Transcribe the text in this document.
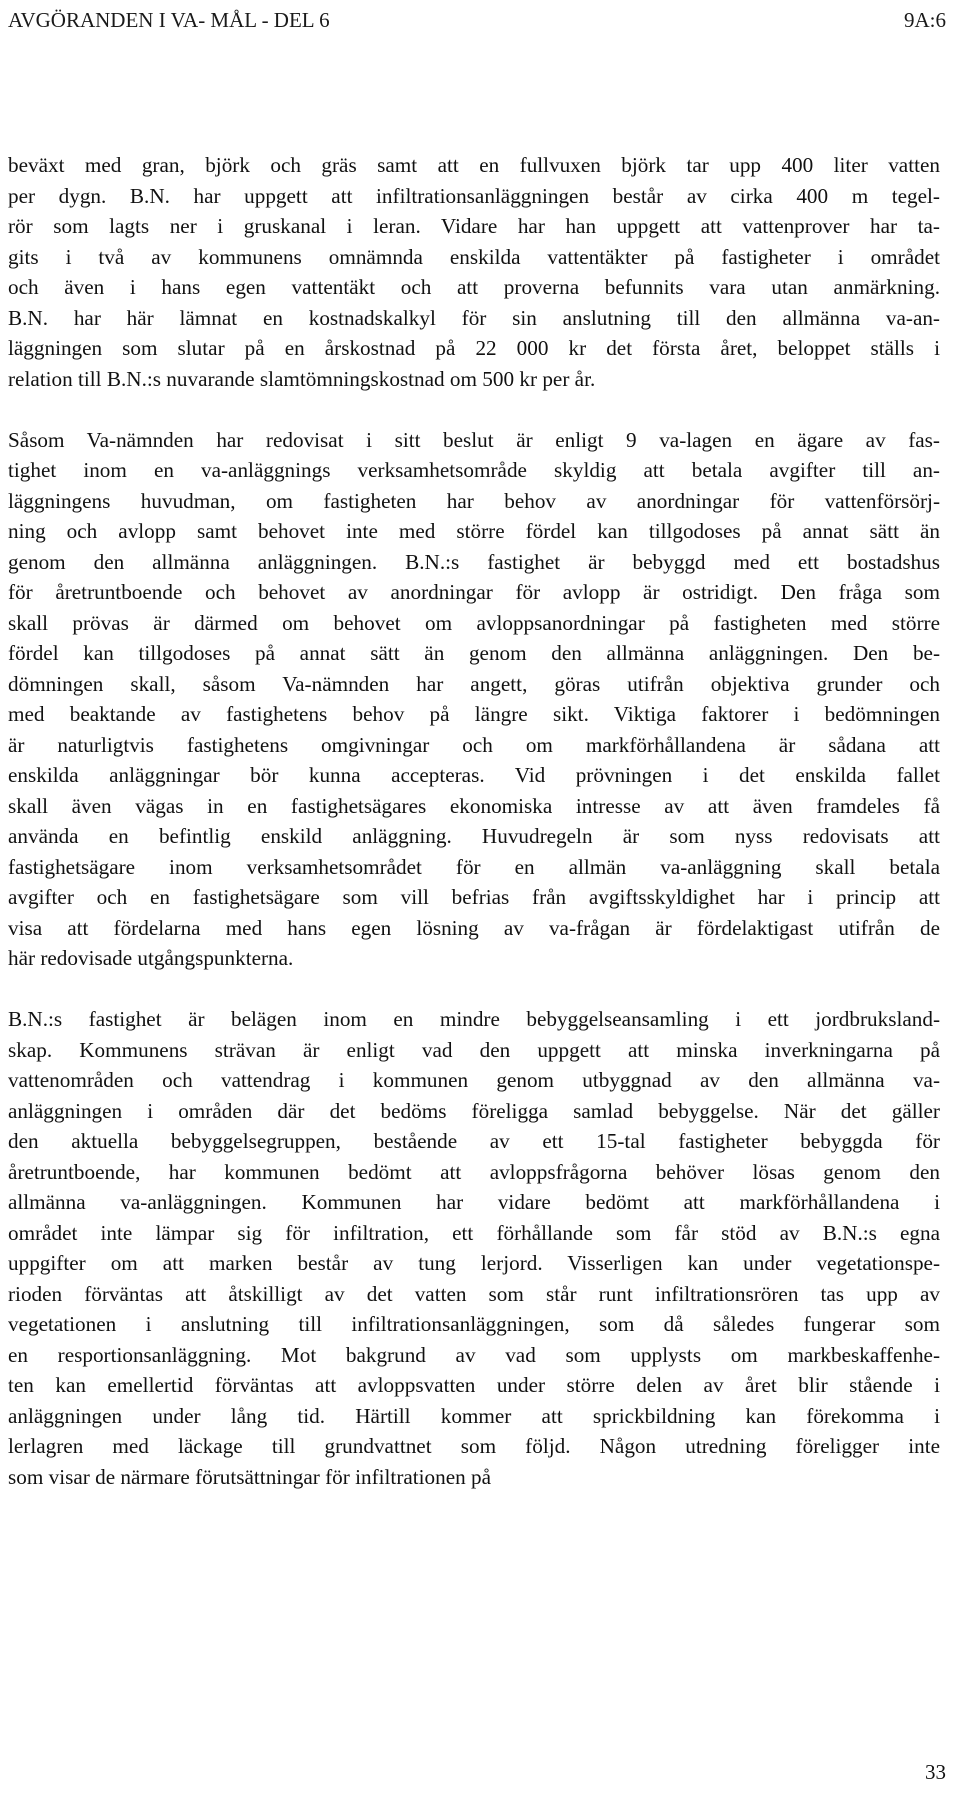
AVGÖRANDEN I VA- MÅL - DEL 6	9A:6

beväxt med gran, björk och gräs samt att en fullvuxen björk tar upp 400 liter vatten
per dygn. B.N. har uppgett att infiltrationsanläggningen består av cirka 400 m tegel-
rör som lagts ner i gruskanal i leran. Vidare har han uppgett att vattenprover har ta-
gits i två av kommunens omnämnda enskilda vattentäkter på fastigheter i området
och även i hans egen vattentäkt och att proverna befunnits vara utan anmärkning.
B.N. har här lämnat en kostnadskalkyl för sin anslutning till den allmänna va-an-
läggningen som slutar på en årskostnad på 22 000 kr det första året, beloppet ställs i
relation till B.N.:s nuvarande slamtömningskostnad om 500 kr per år.

Såsom Va-nämnden har redovisat i sitt beslut är enligt 9 va-lagen en ägare av fas-
tighet inom en va-anläggnings verksamhetsområde skyldig att betala avgifter till an-
läggningens huvudman, om fastigheten har behov av anordningar för vattenförsörj-
ning och avlopp samt behovet inte med större fördel kan tillgodoses på annat sätt än
genom den allmänna anläggningen. B.N.:s fastighet är bebyggd med ett bostadshus
för åretruntboende och behovet av anordningar för avlopp är ostridigt. Den fråga som
skall prövas är därmed om behovet om avloppsanordningar på fastigheten med större
fördel kan tillgodoses på annat sätt än genom den allmänna anläggningen. Den be-
dömningen skall, såsom Va-nämnden har angett, göras utifrån objektiva grunder och
med beaktande av fastighetens behov på längre sikt. Viktiga faktorer i bedömningen
är naturligtvis fastighetens omgivningar och om markförhållandena är sådana att
enskilda anläggningar bör kunna accepteras. Vid prövningen i det enskilda fallet
skall även vägas in en fastighetsägares ekonomiska intresse av att även framdeles få
använda en befintlig enskild anläggning. Huvudregeln är som nyss redovisats att
fastighetsägare inom verksamhetsområdet för en allmän va-anläggning skall betala
avgifter och en fastighetsägare som vill befrias från avgiftsskyldighet har i princip att
visa att fördelarna med hans egen lösning av va-frågan är fördelaktigast utifrån de
här redovisade utgångspunkterna.

B.N.:s fastighet är belägen inom en mindre bebyggelseansamling i ett jordbruksland-
skap. Kommunens strävan är enligt vad den uppgett att minska inverkningarna på
vattenområden och vattendrag i kommunen genom utbyggnad av den allmänna va-
anläggningen i områden där det bedöms föreligga samlad bebyggelse. När det gäller
den aktuella bebyggelsegruppen, bestående av ett 15-tal fastigheter bebyggda för
åretruntboende, har kommunen bedömt att avloppsfrågorna behöver lösas genom den
allmänna va-anläggningen. Kommunen har vidare bedömt att markförhållandena i
området inte lämpar sig för infiltration, ett förhållande som får stöd av B.N.:s egna
uppgifter om att marken består av tung lerjord. Visserligen kan under vegetationspe-
rioden förväntas att åtskilligt av det vatten som står runt infiltrationsrören tas upp av
vegetationen i anslutning till infiltrationsanläggningen, som då således fungerar som
en resportionsanläggning. Mot bakgrund av vad som upplysts om markbeskaffenhe-
ten kan emellertid förväntas att avloppsvatten under större delen av året blir stående i
anläggningen under lång tid. Härtill kommer att sprickbildning kan förekomma i
lerlagren med läckage till grundvattnet som följd. Någon utredning föreligger inte
som visar de närmare förutsättningar för infiltrationen på

33
